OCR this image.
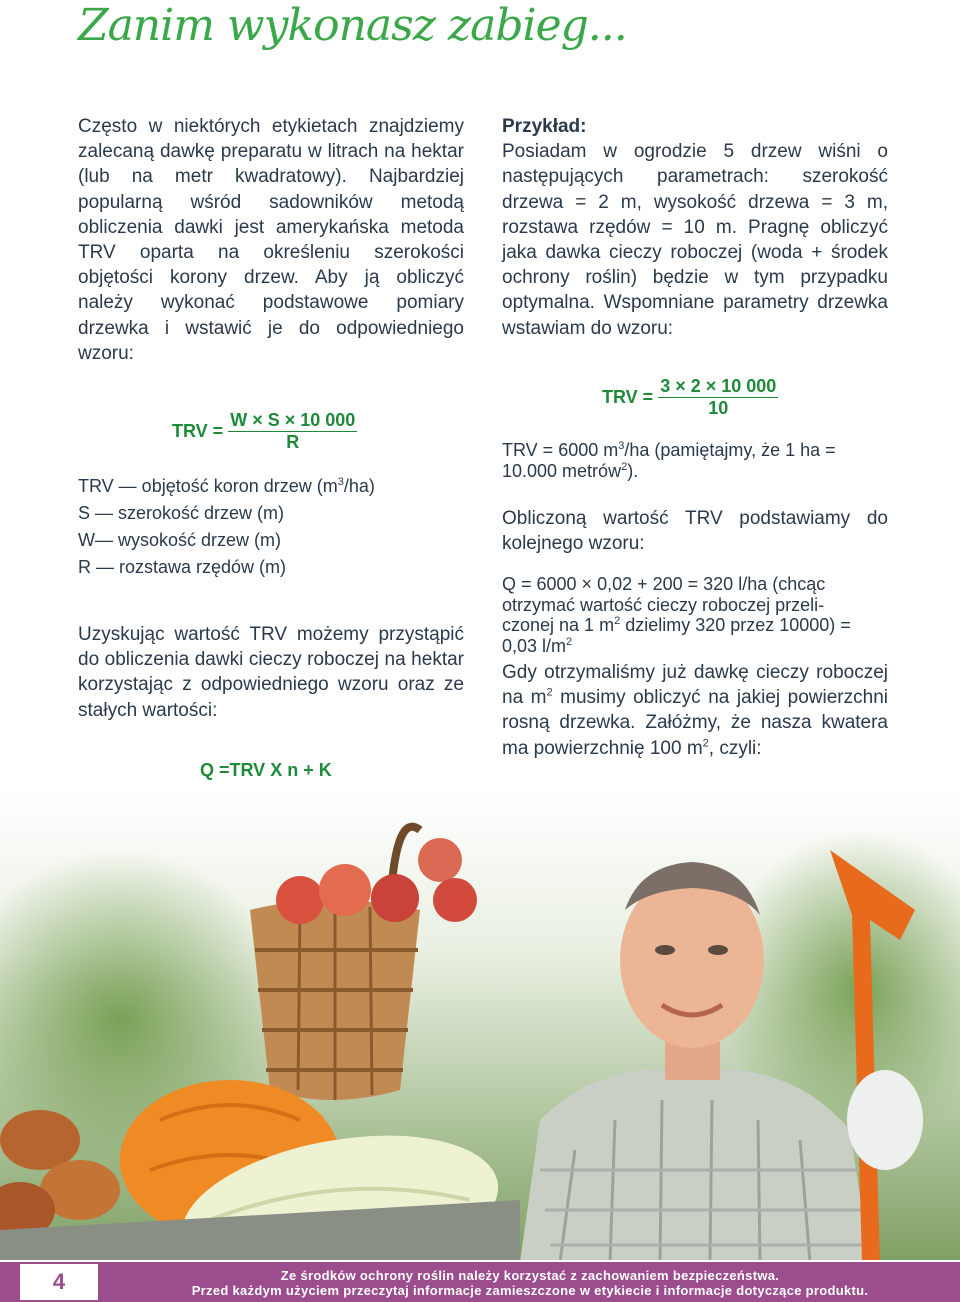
Zanim wykonasz zabieg...

Często w niektórych etykietach znajdziemy zalecaną dawkę preparatu w litrach na hektar (lub na metr kwadratowy). Najbardziej popularną wśród sadowników metodą obliczenia dawki jest amerykańska metoda TRV oparta na określeniu szerokości objętości korony drzew. Aby ją obliczyć należy wykonać podstawowe pomiary drzewka i wstawić je do odpowiedniego wzoru:

TRV = $\frac{W \times S \times 10 000}{R}$
TRV — objętość koron drzew $(m^3/ha)$
S — szerokość drzew (m)
W— wysokość drzew (m)
R — rozstawa rzędów (m)

Uzyskując wartość TRV możemy przystąpić do obliczenia dawki cieczy roboczej na hektar korzystając z odpowiedniego wzoru oraz ze stałych wartości:

Q =TRV X n + K

Przykład:

Posiadam w ogrodzie 5 drzew wiśni o następujących parametrach: szerokość drzewa = 2 m, wysokość drzewa = 3 m, rozstawa rzędów = 10 m. Pragnę obliczyć jaka dawka cieczy roboczej (woda + środek ochrony roślin) będzie w tym przypadku optymalna. Wspomniane parametry drzewka wstawiam do wzoru:

TRV = $\frac{3 \times 2 \times 10 000}{10}$
TRV = 6000 $m^3/ha$ (pamiętajmy, że 1 ha =
10.000 metrów$^2$).

Obliczoną wartość TRV podstawiamy do kolejnego wzoru:

Q = 6000 × 0,02 + 200 = 320 l/ha (chcąc
otrzymać wartość cieczy roboczej przeli-
czonej na 1 $m^2$ dzielimy 320 przez 10000) =
0,03 $l/m^2$

Gdy otrzymaliśmy już dawkę cieczy roboczej na $m^2$ musimy obliczyć na jakiej powierzchni rosną drzewka. Załóżmy, że nasza kwatera ma powierzchnię 100 $m^2$, czyli:

4	Ze środków ochrony roślin należy korzystać z zachowaniem bezpieczeństwa.
Przed każdym użyciem przeczytaj informacje zamieszczone w etykiecie i informacje dotyczące produktu.
